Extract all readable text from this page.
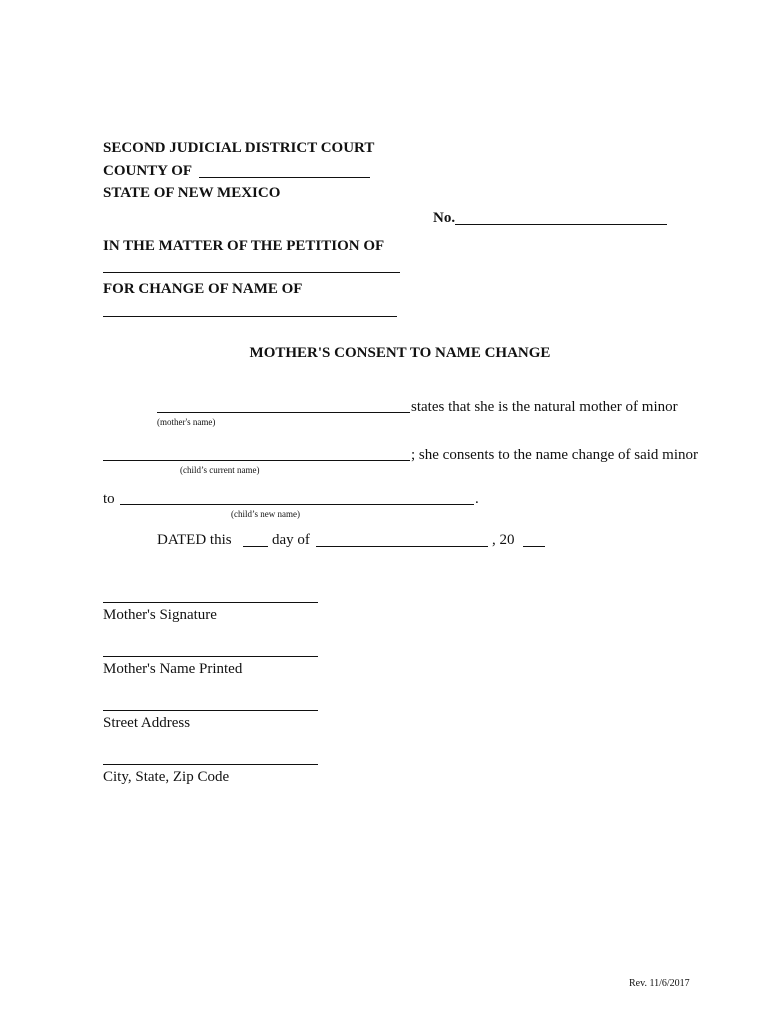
SECOND JUDICIAL DISTRICT COURT
COUNTY OF
STATE OF NEW MEXICO
No.
IN THE MATTER OF THE PETITION OF
FOR CHANGE OF NAME OF
MOTHER'S CONSENT TO NAME CHANGE
states that she is the natural mother of minor
(mother's name)
; she consents to the name change of said minor
(child’s current name)
to	.
(child’s new name)
DATED this	day of	, 20
Mother's Signature
Mother's Name Printed
Street Address
City, State, Zip Code
Rev. 11/6/2017
